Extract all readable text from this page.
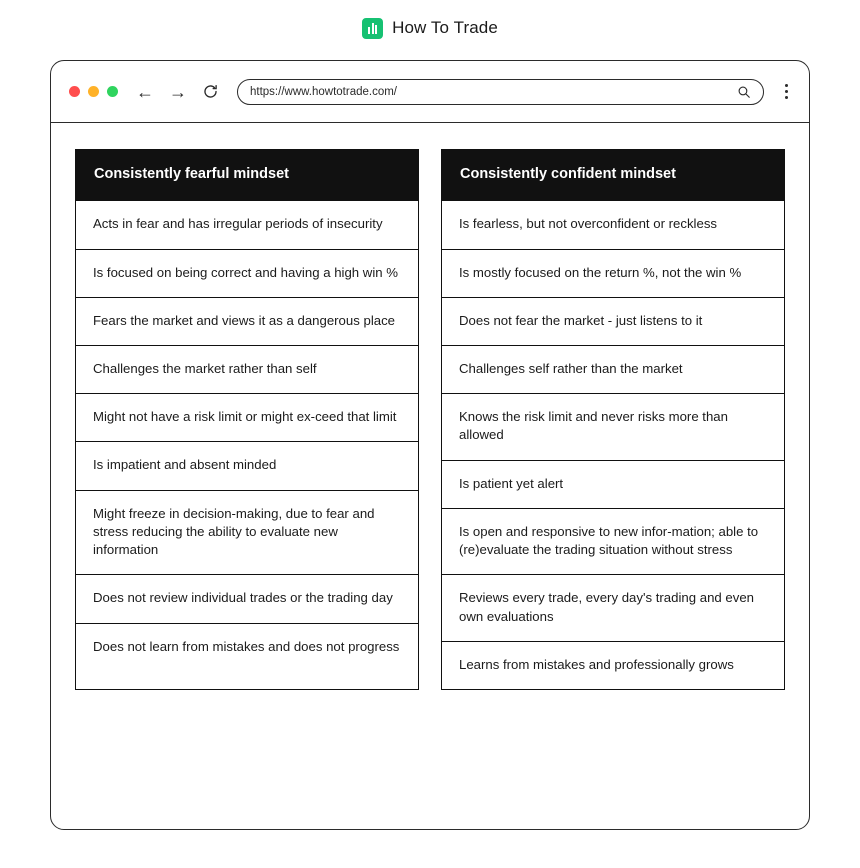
How To Trade
← →	https://www.howtotrade.com/
Consistently fearful mindset
Acts in fear and has irregular periods of insecurity
Is focused on being correct and having a high win %
Fears the market and views it as a dangerous place
Challenges the market rather than self
Might not have a risk limit or might ex-ceed that limit
Is impatient and absent minded
Might freeze in decision-making, due to fear and stress reducing the ability to evaluate new information
Does not review individual trades or the trading day
Does not learn from mistakes and does not progress
Consistently confident mindset
Is fearless, but not overconfident or reckless
Is mostly focused on the return %, not the win %
Does not fear the market - just listens to it
Challenges self rather than the market
Knows the risk limit and never risks more than allowed
Is patient yet alert
Is open and responsive to new infor-mation; able to (re)evaluate the trading situation without stress
Reviews every trade, every day's trading and even own evaluations
Learns from mistakes and professionally grows
